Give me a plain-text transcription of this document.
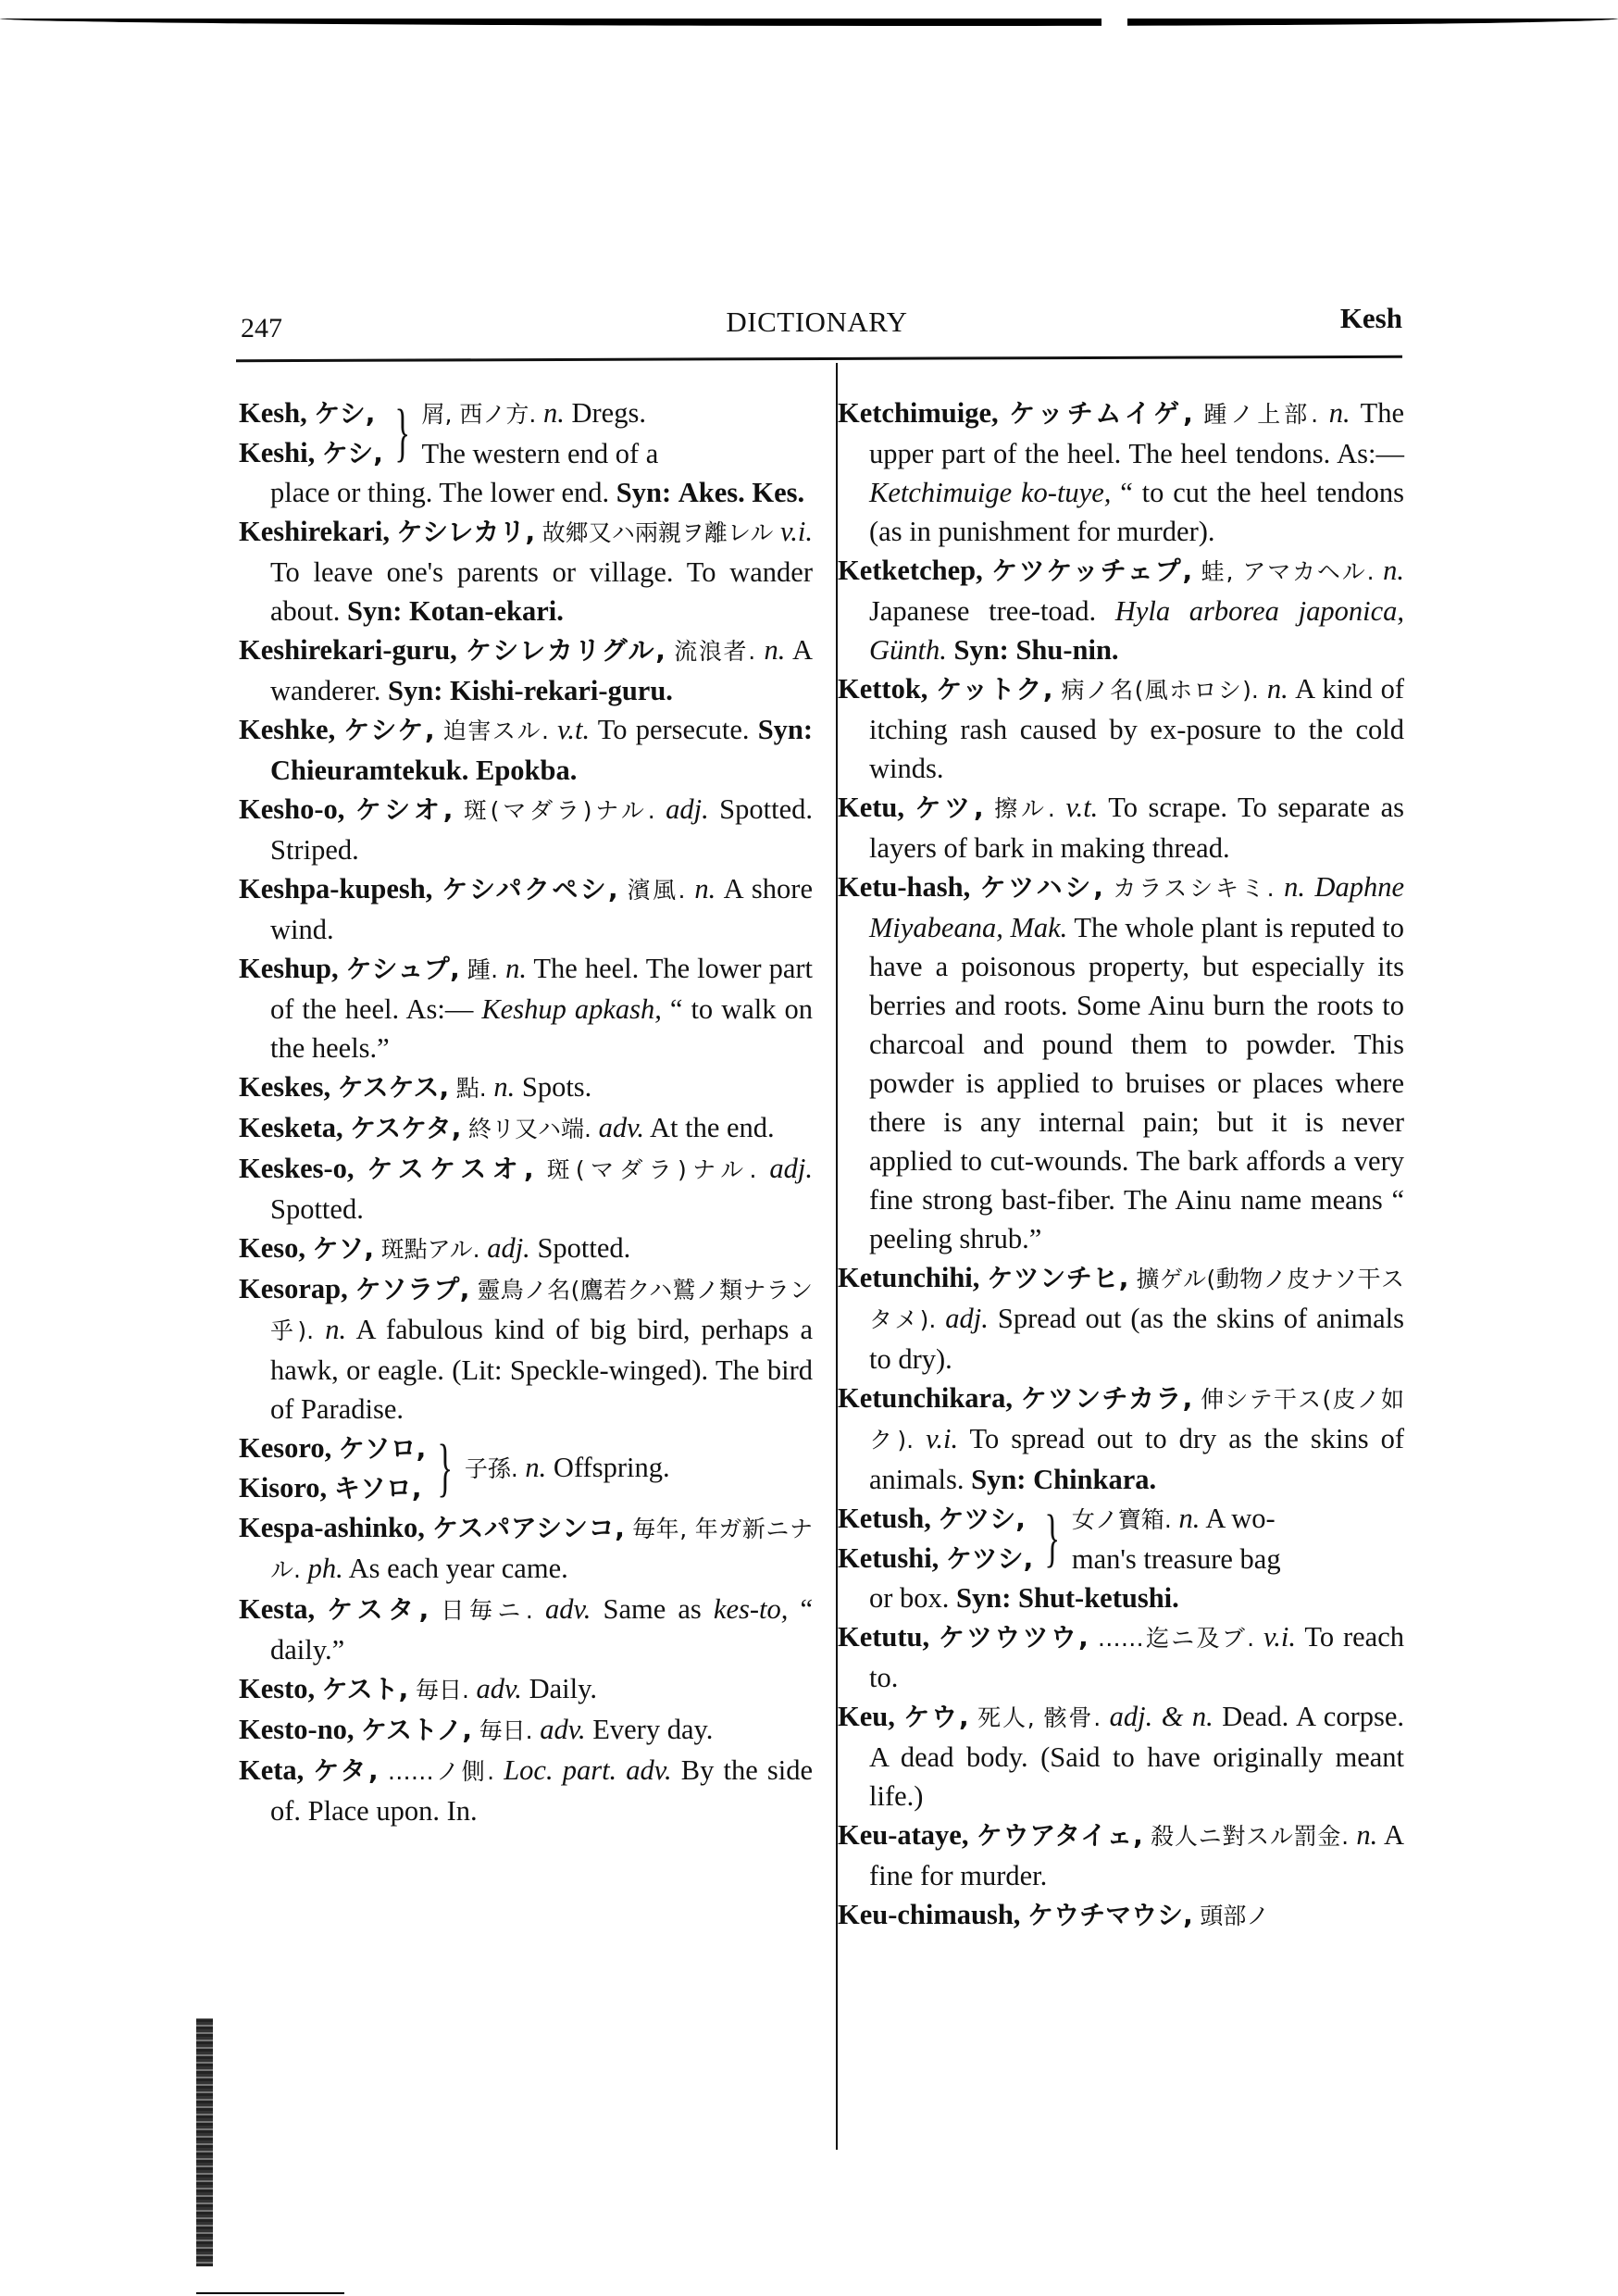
247	DICTIONARY	Kesh
Kesh, ケシ,
Keshi, ケシ, } 屑, 西ノ方. n. Dregs.
The western end of a

place or thing. The lower end. Syn: Akes. Kes.

Keshirekari, ケシレカリ, 故郷又ハ兩親ヲ離レル v.i. To leave one's parents or village. To wander about. Syn: Kotan-ekari.

Keshirekari-guru, ケシレカリグル, 流浪者. n. A wanderer. Syn: Kishi-rekari-guru.

Keshke, ケシケ, 迫害スル. v.t. To persecute. Syn: Chieuramtekuk. Epokba.

Kesho-o, ケシオ, 斑(マダラ)ナル. adj. Spotted. Striped.

Keshpa-kupesh, ケシパクペシ, 濱風. n. A shore wind.

Keshup, ケシュプ, 踵. n. The heel. The lower part of the heel. As:— Keshup apkash, “ to walk on the heels.”

Keskes, ケスケス, 點. n. Spots.

Kesketa, ケスケタ, 終リ又ハ端. adv. At the end.

Keskes-o, ケスケスオ, 斑(マダラ)ナル. adj. Spotted.

Keso, ケソ, 斑點アル. adj. Spotted.

Kesorap, ケソラプ, 靈鳥ノ名(鷹若クハ鷲ノ類ナラン乎). n. A fabulous kind of big bird, perhaps a hawk, or eagle. (Lit: Speckle-winged). The bird of Paradise.

Kesoro, ケソロ,
Kisoro, キソロ, } 子孫. n. Offspring.

Kespa-ashinko, ケスパアシンコ, 毎年, 年ガ新ニナル. ph. As each year came.

Kesta, ケスタ, 日毎ニ. adv. Same as kes-to, “ daily.”

Kesto, ケスト, 毎日. adv. Daily.

Kesto-no, ケストノ, 毎日. adv. Every day.

Keta, ケタ, ……ノ側. Loc. part. adv. By the side of. Place upon. In.

Ketchimuige, ケッチムイゲ, 踵ノ上部. n. The upper part of the heel. The heel tendons. As:— Ketchimuige ko-tuye, “ to cut the heel tendons (as in punishment for murder).

Ketketchep, ケツケッチェプ, 蛙, アマカヘル. n. Japanese tree-toad. Hyla arborea japonica, Günth. Syn: Shu-nin.

Kettok, ケットク, 病ノ名(風ホロシ). n. A kind of itching rash caused by ex-posure to the cold winds.

Ketu, ケツ, 擦ル. v.t. To scrape. To separate as layers of bark in making thread.

Ketu-hash, ケツハシ, カラスシキミ. n. Daphne Miyabeana, Mak. The whole plant is reputed to have a poisonous property, but especially its berries and roots. Some Ainu burn the roots to charcoal and pound them to powder. This powder is applied to bruises or places where there is any internal pain; but it is never applied to cut-wounds. The bark affords a very fine strong bast-fiber. The Ainu name means “ peeling shrub.”

Ketunchihi, ケツンチヒ, 擴ゲル(動物ノ皮ナソ干スタメ). adj. Spread out (as the skins of animals to dry).

Ketunchikara, ケツンチカラ, 伸シテ干ス(皮ノ如ク). v.i. To spread out to dry as the skins of animals. Syn: Chinkara.

Ketush, ケツシ,
Ketushi, ケツシ, } 女ノ寶箱. n. A wo-
man's treasure bag

or box. Syn: Shut-ketushi.

Ketutu, ケツウツウ, ……迄ニ及ブ. v.i. To reach to.

Keu, ケウ, 死人, 骸骨. adj. & n. Dead. A corpse. A dead body. (Said to have originally meant life.)

Keu-ataye, ケウアタイェ, 殺人ニ對スル罰金. n. A fine for murder.

Keu-chimaush, ケウチマウシ, 頭部ノ
